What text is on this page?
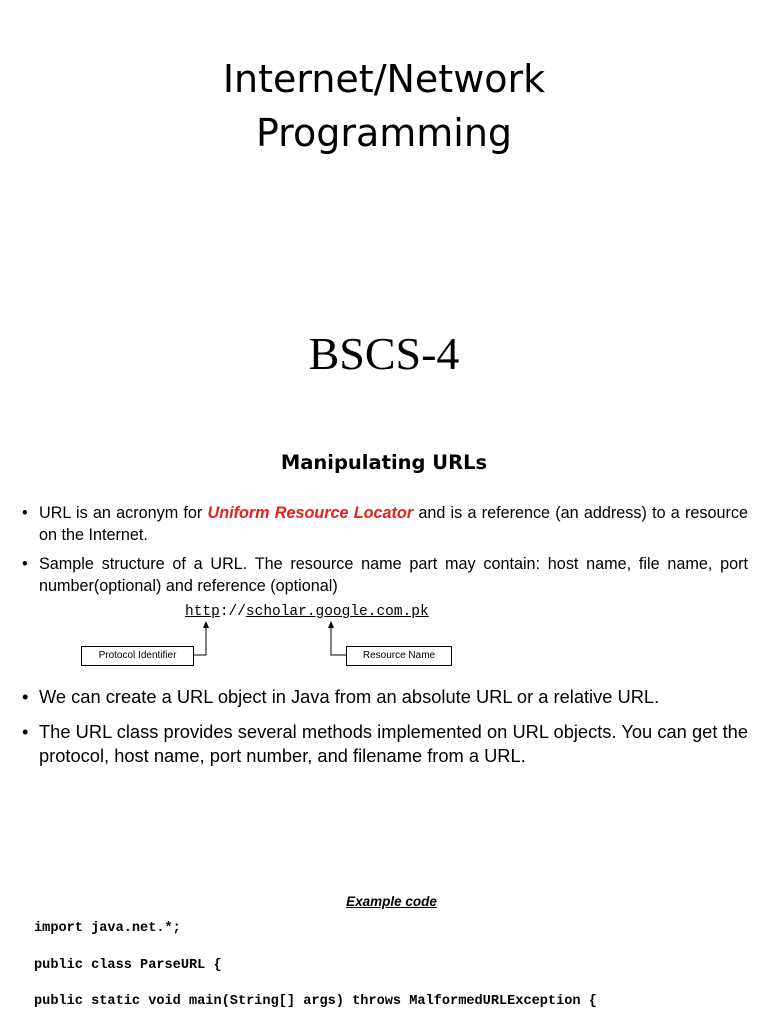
Internet/Network
Programming
BSCS-4
Manipulating URLs
• URL is an acronym for Uniform Resource Locator and is a reference (an address) to a resource on the Internet.
• Sample structure of a URL. The resource name part may contain: host name, file name, port number(optional) and reference (optional)
http://scholar.google.com.pk
Protocol Identifier	Resource Name
• We can create a URL object in Java from an absolute URL or a relative URL.
• The URL class provides several methods implemented on URL objects. You can get the protocol, host name, port number, and filename from a URL.
Example code
import java.net.*;
public class ParseURL {
public static void main(String[] args) throws MalformedURLException {
